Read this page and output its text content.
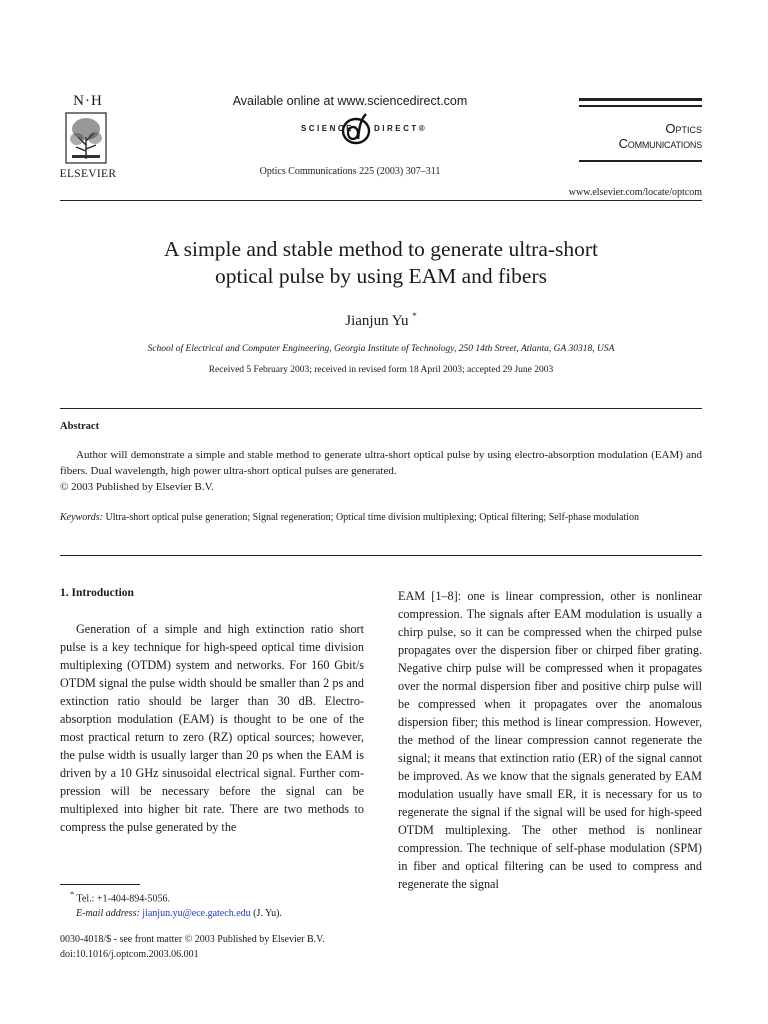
N·H
ELSEVIER
Available online at www.sciencedirect.com
SCIENCE	DIRECT®
Optics Communications 225 (2003) 307–311
Optics
Communications
www.elsevier.com/locate/optcom
A simple and stable method to generate ultra-short
optical pulse by using EAM and fibers
Jianjun Yu *
School of Electrical and Computer Engineering, Georgia Institute of Technology, 250 14th Street, Atlanta, GA 30318, USA
Received 5 February 2003; received in revised form 18 April 2003; accepted 29 June 2003
Abstract
Author will demonstrate a simple and stable method to generate ultra-short optical pulse by using electro-absorption modulation (EAM) and fibers. Dual wavelength, high power ultra-short optical pulses are generated.
© 2003 Published by Elsevier B.V.
Keywords: Ultra-short optical pulse generation; Signal regeneration; Optical time division multiplexing; Optical filtering; Self-phase modulation
1. Introduction
Generation of a simple and high extinction ratio short pulse is a key technique for high-speed optical time division multiplexing (OTDM) system and networks. For 160 Gbit/s OTDM signal the pulse width should be smaller than 2 ps and extinction ratio should be larger than 30 dB. Electro-absorption modulation (EAM) is thought to be one of the most practical return to zero (RZ) optical sources; however, the pulse width is usually larger than 20 ps when the EAM is driven by a 10 GHz sinusoidal electrical signal. Further compression will be necessary before the signal can be multiplexed into higher bit rate. There are two methods to compress the pulse generated by the
EAM [1–8]: one is linear compression, other is nonlinear compression. The signals after EAM modulation is usually a chirp pulse, so it can be compressed when the chirped pulse propagates over the dispersion fiber or chirped fiber grating. Negative chirp pulse will be compressed when it propagates over the normal dispersion fiber and positive chirp pulse will be compressed when it propagates over the anomalous dispersion fiber; this method is linear compression. However, the method of the linear compression cannot regenerate the signal; it means that extinction ratio (ER) of the signal cannot be improved. As we know that the signals generated by EAM modulation usually have small ER, it is necessary for us to regenerate the signal if the signal will be used for high-speed OTDM multiplexing. The other method is nonlinear compression. The technique of self-phase modulation (SPM) in fiber and optical filtering can be used to compress and regenerate the signal
* Tel.: +1-404-894-5056.
E-mail address: jianjun.yu@ece.gatech.edu (J. Yu).
0030-4018/$ - see front matter © 2003 Published by Elsevier B.V.
doi:10.1016/j.optcom.2003.06.001
